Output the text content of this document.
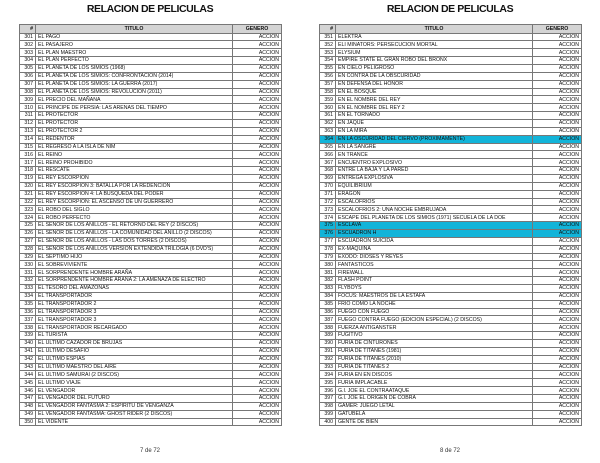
RELACION DE PELICULAS
#	TITULO	GENERO
301	EL PAGO	ACCION
302	EL PASAJERO	ACCION
303	EL PLAN MAESTRO	ACCION
304	EL PLAN PERFECTO	ACCION
305	EL PLANETA DE LOS SIMIOS (1968)	ACCION
306	EL PLANETA DE LOS SIMIOS: CONFRONTACION (2014)	ACCION
307	EL PLANETA DE LOS SIMIOS: LA GUERRA (2017)	ACCION
308	EL PLANETA DE LOS SIMIOS: REVOLUCION (2011)	ACCION
309	EL PRECIO DEL MAÑANA	ACCION
310	EL PRINCIPE DE PERSIA: LAS ARENAS DEL TIEMPO	ACCION
311	EL PROTECTOR	ACCION
312	EL PROTECTOR	ACCION
313	EL PROTECTOR 2	ACCION
314	EL REDENTOR	ACCION
315	EL REGRESO A LA ISLA DE NIM	ACCION
316	EL REINO	ACCION
317	EL REINO PROHIBIDO	ACCION
318	EL RESCATE	ACCION
319	EL REY ESCORPION	ACCION
320	EL REY ESCORPION 3: BATALLA POR LA REDENCION	ACCION
321	EL REY ESCORPION 4: LA BUSQUEDA DEL PODER	ACCION
322	EL REY ESCORPION: EL ASCENSO DE UN GUERRERO	ACCION
323	EL ROBO DEL SIGLO	ACCION
324	EL ROBO PERFECTO	ACCION
325	EL SEÑOR DE LOS ANILLOS - EL RETORNO DEL REY (2 DISCOS)	ACCION
326	EL SEÑOR DE LOS ANILLOS - LA COMUNIDAD DEL ANILLO (2 DISCOS)	ACCION
327	EL SEÑOR DE LOS ANILLOS - LAS DOS TORRES (2 DISCOS)	ACCION
328	EL SEÑOR DE LOS ANILLOS VERSION EXTENDIDA TRILOGIA (6 DVD'S)	ACCION
329	EL SEPTIMO HIJO	ACCION
330	EL SOBREVIVIENTE	ACCION
331	EL SORPRENDENTE HOMBRE ARAÑA	ACCION
332	EL SORPRENDENTE HOMBRE ARAÑA 2: LA AMENAZA DE ELECTRO	ACCION
333	EL TESORO DEL AMAZONAS	ACCION
334	EL TRANSPORTADOR	ACCION
335	EL TRANSPORTADOR 2	ACCION
336	EL TRANSPORTADOR 3	ACCION
337	EL TRANSPORTADOR 3	ACCION
338	EL TRANSPORTADOR RECARGADO	ACCION
339	EL TURISTA	ACCION
340	EL ULTIMO CAZADOR DE BRUJAS	ACCION
341	EL ULTIMO DESAFIO	ACCION
342	EL ULTIMO ESPIAS	ACCION
343	EL ULTIMO MAESTRO DEL AIRE	ACCION
344	EL ULTIMO SAMURAI (2 DISCOS)	ACCION
345	EL ULTIMO VIAJE	ACCION
346	EL VENGADOR	ACCION
347	EL VENGADOR DEL FUTURO	ACCION
348	EL VENGADOR FANTASMA 2: ESPIRITU DE VENGANZA	ACCION
349	EL VENGADOR FANTASMA: GHOST RIDER (2 DISCOS)	ACCION
350	EL VIDENTE	ACCION
7 de 72
RELACION DE PELICULAS
#	TITULO	GENERO
351	ELEKTRA	ACCION
352	ELI MINATORS: PERSECUCION MORTAL	ACCION
353	ELYSIUM	ACCION
354	EMPIRE STATE EL GRAN ROBO DEL BRONX	ACCION
355	EN CIELO PELIGROSO	ACCION
356	EN CONTRA DE LA OBSCURIDAD	ACCION
357	EN DEFENSA DEL HONOR	ACCION
358	EN EL BOSQUE	ACCION
359	EN EL NOMBRE DEL REY	ACCION
360	EN EL NOMBRE DEL REY 2	ACCION
361	EN EL TORNADO	ACCION
362	EN JAQUE	ACCION
363	EN LA MIRA	ACCION
364	EN LA OSCURIDAD DEL CIERVO (PROXIMAMENTE)	ACCION
365	EN LA SANGRE	ACCION
366	EN TRANCE	ACCION
367	ENCUENTRO EXPLOSIVO	ACCION
368	ENTRE LA BAJA Y LA PARED	ACCION
369	ENTREGA EXPLOSIVA	ACCION
370	EQUILIBRIUM	ACCION
371	ERAGON	ACCION
372	ESCALOFRIOS	ACCION
373	ESCALOFRIOS 2: UNA NOCHE EMBRUJADA	ACCION
374	ESCAPE DEL PLANETA DE LOS SIMIOS (1971) SECUELA DE LA DOE	ACCION
375	ESCLAVA	ACCION
376	ESCUADRON H	ACCION
377	ESCUADRON SUICIDA	ACCION
378	EX-MAQUINA	ACCION
379	EXODO: DIOSES Y REYES	ACCION
380	FANTASTICOS	ACCION
381	FIREWALL	ACCION
382	FLASH POINT	ACCION
383	FLYBOYS	ACCION
384	FOCUS: MAESTROS DE LA ESTAFA	ACCION
385	FRIO COMO LA NOCHE	ACCION
386	FUEGO CON FUEGO	ACCION
387	FUEGO CONTRA FUEGO (EDICION ESPECIAL) (2 DISCOS)	ACCION
388	FUERZA ANTIGANSTER	ACCION
389	FUGITIVO	ACCION
390	FURIA DE CINTURONES	ACCION
391	FURIA DE TITANES (1981)	ACCION
392	FURIA DE TITANES (2010)	ACCION
393	FURIA DE TITANES 2	ACCION
394	FURIA EN EN DISCOS	ACCION
395	FURIA IMPLACABLE	ACCION
396	G.I. JOE EL CONTRAATAQUE	ACCION
397	G.I. JOE EL ORIGEN DE COBRA	ACCION
398	GAMER: JUEGO LETAL	ACCION
399	GATUBELA	ACCION
400	GENTE DE BIEN	ACCION
8 de 72
